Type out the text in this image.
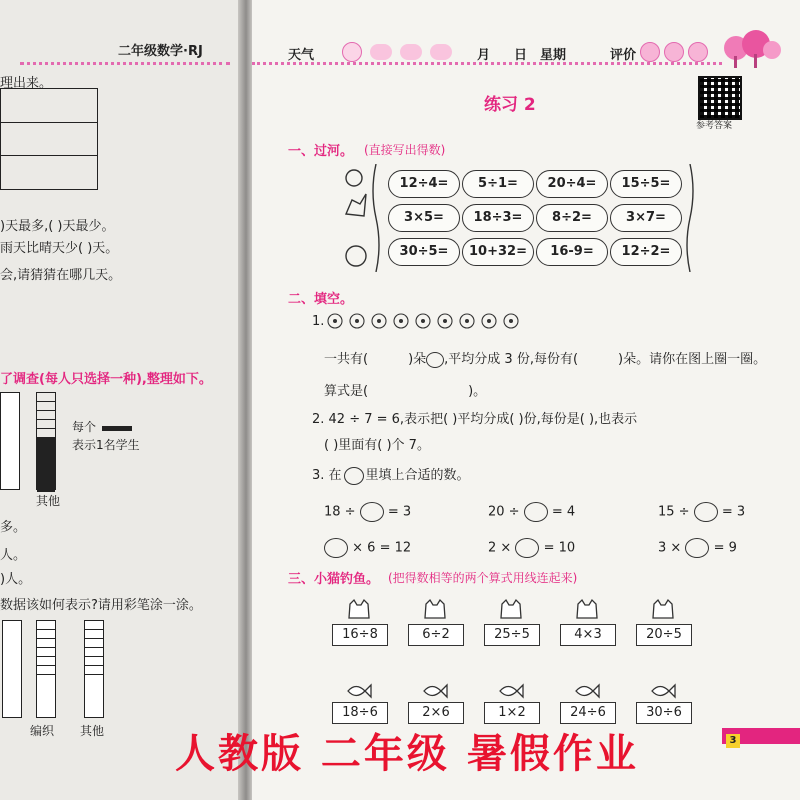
理出来。
)天最多,( )天最少。
雨天比晴天少( )天。
会,请猜猜在哪几天。
了调查(每人只选择一种),整理如下。
每个
表示1名学生
其他
多。
人。
)人。
数据该如何表示?请用彩笔涂一涂。
编织 其他
二年级数学·RJ	天气	月 日 星期	评价
参考答案
练习 2
一、过河。 (直接写出得数)
12÷4=	5÷1=	20÷4=	15÷5=
3×5=	18÷3=	8÷2=	3×7=
30÷5=	10+32=	16-9=	12÷2=
二、填空。
1.
一共有(	)朵 ,平均分成 3 份,每份有(	)朵。请你在图上圈一圈。
算式是(	)。
2. 42 ÷ 7 = 6,表示把( )平均分成( )份,每份是( ),也表示
( )里面有( )个 7。
3. 在 里填上合适的数。
18 ÷ = 3	20 ÷ = 4	15 ÷ = 3
× 6 = 12	2 × = 10	3 × = 9
三、小猫钓鱼。 (把得数相等的两个算式用线连起来)
16÷8	6÷2	25÷5	4×3	20÷5
18÷6	2×6	1×2	24÷6	30÷6
3
人教版 二年级 暑假作业
